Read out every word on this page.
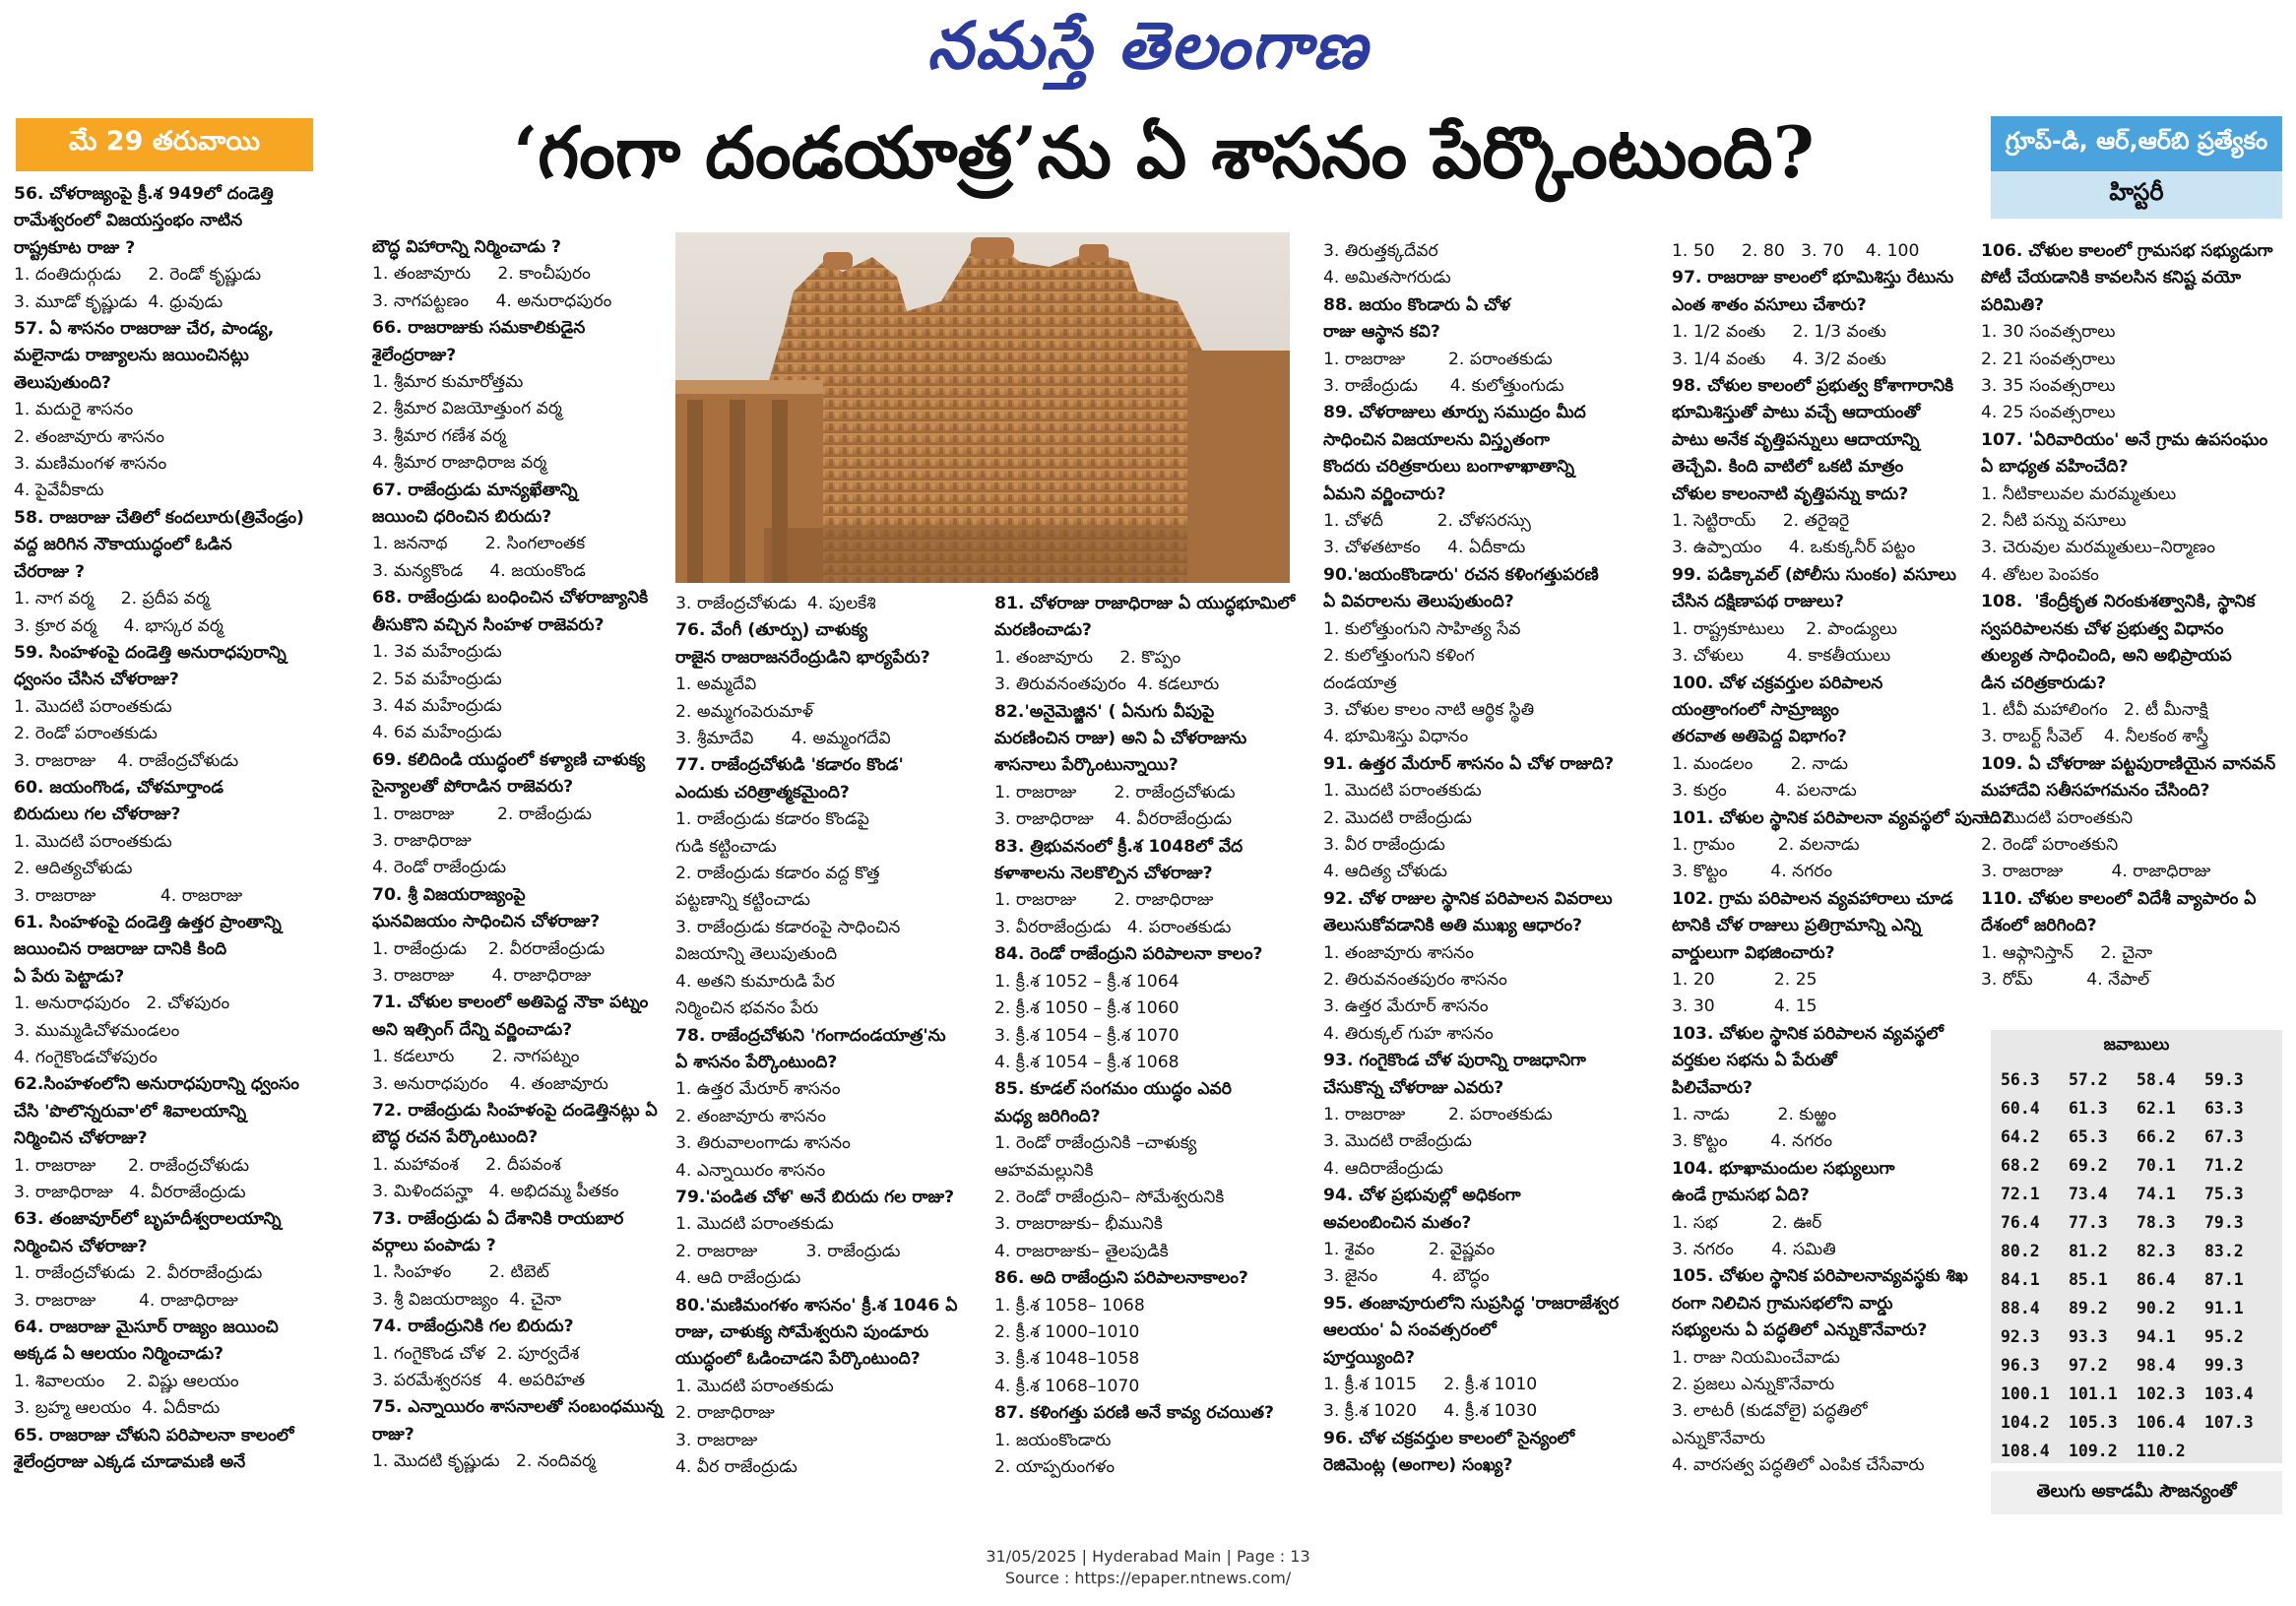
నమస్తే తెలంగాణ
మే 29 తరువాయి	‘గంగా దండయాత్ర’ను ఏ శాసనం పేర్కొంటుంది?	గ్రూప్-డి, ఆర్,ఆర్‌బి ప్రత్యేకం
హిస్టరీ

56. చోళరాజ్యంపై క్రీ.శ 949లో దండెత్తి

రామేశ్వరంలో విజయస్తంభం నాటిన

రాష్ట్రకూట రాజు ?

1. దంతిదుర్గుడు     2. రెండో కృష్ణుడు

3. మూడో కృష్ణుడు  4. ధ్రువుడు

57. ఏ శాసనం రాజరాజు చేర, పాండ్య,

మలైనాడు రాజ్యాలను జయించినట్లు

తెలుపుతుంది?

1. మదురై శాసనం

2. తంజావూరు శాసనం

3. మణిమంగళ శాసనం

4. పైవేవీకాదు

58. రాజరాజు చేతిలో కందలూరు(త్రివేండ్రం)

వద్ద జరిగిన నౌకాయుద్ధంలో ఓడిన

చేరరాజు ?

1. నాగ వర్మ     2. ప్రదీప వర్మ

3. క్రూర వర్మ     4. భాస్కర వర్మ

59. సింహళంపై దండెత్తి అనురాధపురాన్ని

ధ్వంసం చేసిన చోళరాజు?

1. మొదటి పరాంతకుడు

2. రెండో పరాంతకుడు

3. రాజరాజు    4. రాజేంద్రచోళుడు

60. జయంగొండ, చోళమార్తాండ

బిరుదులు గల చోళరాజు?

1. మొదటి పరాంతకుడు

2. ఆదిత్యచోళుడు

3. రాజరాజు            4. రాజరాజు

61. సింహళంపై దండెత్తి ఉత్తర ప్రాంతాన్ని

జయించిన రాజరాజు దానికి కింది

ఏ పేరు పెట్టాడు?

1. అనురాధపురం   2. చోళపురం

3. ముమ్మడిచోళమండలం

4. గంగైకొండచోళపురం

62.సింహళంలోని అనురాధపురాన్ని ధ్వంసం

చేసి 'పొలొన్నరువా'లో శివాలయాన్ని

నిర్మించిన చోళరాజు?

1. రాజరాజు      2. రాజేంద్రచోళుడు

3. రాజాధిరాజు   4. వీరరాజేంద్రుడు

63. తంజావూర్‌లో బృహదీశ్వరాలయాన్ని

నిర్మించిన చోళరాజు?

1. రాజేంద్రచోళుడు  2. వీరరాజేంద్రుడు

3. రాజరాజు        4. రాజాధిరాజు

64. రాజరాజు మైసూర్ రాజ్యం జయించి

అక్కడ ఏ ఆలయం నిర్మించాడు?

1. శివాలయం    2. విష్ణు ఆలయం

3. బ్రహ్మ ఆలయం  4. ఏదీకాదు

65. రాజరాజు చోళుని పరిపాలనా కాలంలో

శైలేంద్రరాజు ఎక్కడ చూడామణి అనే

బౌద్ధ విహారాన్ని నిర్మించాడు ?

1. తంజావూరు     2. కాంచీపురం

3. నాగపట్టణం     4. అనురాధపురం

66. రాజరాజుకు సమకాలికుడైన

శైలేంద్రరాజు?

1. శ్రీమార కుమారోత్తమ

2. శ్రీమార విజయోత్తుంగ వర్మ

3. శ్రీమార గణేశ వర్మ

4. శ్రీమార రాజాధిరాజ వర్మ

67. రాజేంద్రుడు మాన్యఖేతాన్ని

జయించి ధరించిన బిరుదు?

1. జననాథ       2. సింగలాంతక

3. మన్యకొండ     4. జయంకొండ

68. రాజేంద్రుడు బంధించిన చోళరాజ్యానికి

తీసుకొని వచ్చిన సింహళ రాజెవరు?

1. 3వ మహేంద్రుడు

2. 5వ మహేంద్రుడు

3. 4వ మహేంద్రుడు

4. 6వ మహేంద్రుడు

69. కలిదిండి యుద్ధంలో కళ్యాణి చాళుక్య

సైన్యాలతో పోరాడిన రాజెవరు?

1. రాజరాజు        2. రాజేంద్రుడు

3. రాజాధిరాజు

4. రెండో రాజేంద్రుడు

70. శ్రీ విజయరాజ్యంపై

ఘనవిజయం సాధించిన చోళరాజు?

1. రాజేంద్రుడు    2. వీరరాజేంద్రుడు

3. రాజరాజు       4. రాజాధిరాజు

71. చోళుల కాలంలో అతిపెద్ద నౌకా పట్నం

అని ఇత్సింగ్ దేన్ని వర్ణించాడు?

1. కడలూరు       2. నాగపట్నం

3. అనురాధపురం    4. తంజావూరు

72. రాజేంద్రుడు సింహళంపై దండెత్తినట్లు ఏ

బౌద్ధ రచన పేర్కొంటుంది?

1. మహావంశ     2. దీపవంశ

3. మిళిందపన్హా   4. అభిదమ్మ పీతకం

73. రాజేంద్రుడు ఏ దేశానికి రాయబార

వర్గాలు పంపాడు ?

1. సింహళం       2. టిబెట్

3. శ్రీ విజయరాజ్యం  4. చైనా

74. రాజేంద్రునికి గల బిరుదు?

1. గంగైకొండ చోళ  2. పూర్వదేశ

3. పరమేశ్వరసక   4. అపరిహత

75. ఎన్నాయిరం శాసనాలతో సంబంధమున్న

రాజు?

1. మొదటి కృష్ణుడు   2. నందివర్మ

3. రాజేంద్రచోళుడు  4. పులకేశి

76. వేంగీ (తూర్పు) చాళుక్య

రాజైన రాజరాజనరేంద్రుడిని భార్యపేరు?

1. అమ్మదేవి

2. అమ్మగంపెరుమాళ్

3. శ్రీమాదేవి       4. అమ్మంగదేవి

77. రాజేంద్రచోళుడి 'కడారం కొండ'

ఎందుకు చరిత్రాత్మకమైంది?

1. రాజేంద్రుడు కడారం కొండపై

గుడి కట్టించాడు

2. రాజేంద్రుడు కడారం వద్ద కొత్త

పట్టణాన్ని కట్టించాడు

3. రాజేంద్రుడు కడారంపై సాధించిన

విజయాన్ని తెలుపుతుంది

4. అతని కుమారుడి పేర

నిర్మించిన భవనం పేరు

78. రాజేంద్రచోళుని 'గంగాదండయాత్ర'ను

ఏ శాసనం పేర్కొంటుంది?

1. ఉత్తర మేరూర్ శాసనం

2. తంజావూరు శాసనం

3. తిరువాలంగాడు శాసనం

4. ఎన్నాయిరం శాసనం

79.'పండిత చోళ' అనే బిరుదు గల రాజు?

1. మొదటి పరాంతకుడు

2. రాజరాజు         3. రాజేంద్రుడు

4. ఆది రాజేంద్రుడు

80.'మణిమంగళం శాసనం' క్రీ.శ 1046 ఏ

రాజు, చాళుక్య సోమేశ్వరుని పుండూరు

యుద్ధంలో ఓడించాడని పేర్కొంటుంది?

1. మొదటి పరాంతకుడు

2. రాజాధిరాజు

3. రాజరాజు

4. వీర రాజేంద్రుడు

81. చోళరాజు రాజాధిరాజు ఏ యుద్ధభూమిలో

మరణించాడు?

1. తంజావూరు     2. కొప్పం

3. తిరువనంతపురం  4. కడలూరు

82.'అనైమెజ్జిన' ( ఏనుగు వీపుపై

మరణించిన రాజు) అని ఏ చోళరాజును

శాసనాలు పేర్కొంటున్నాయి?

1. రాజరాజు       2. రాజేంద్రచోళుడు

3. రాజాధిరాజు    4. వీరరాజేంద్రుడు

83. త్రిభువనంలో క్రీ.శ 1048లో వేద

కళాశాలను నెలకొల్పిన చోళరాజు?

1. రాజరాజు       2. రాజాధిరాజు

3. వీరరాజేంద్రుడు   4. పరాంతకుడు

84. రెండో రాజేంద్రుని పరిపాలనా కాలం?

1. క్రీ.శ 1052 – క్రీ.శ 1064

2. క్రీ.శ 1050 – క్రీ.శ 1060

3. క్రీ.శ 1054 – క్రీ.శ 1070

4. క్రీ.శ 1054 – క్రీ.శ 1068

85. కూడల్ సంగమం యుద్ధం ఎవరి

మధ్య జరిగింది?

1. రెండో రాజేంద్రునికి –చాళుక్య

ఆహవమల్లునికి

2. రెండో రాజేంద్రుని– సోమేశ్వరునికి

3. రాజరాజుకు– భీమునికి

4. రాజరాజుకు– తైలపుడికి

86. అది రాజేంద్రుని పరిపాలనాకాలం?

1. క్రీ.శ 1058– 1068

2. క్రీ.శ 1000–1010

3. క్రీ.శ 1048–1058

4. క్రీ.శ 1068–1070

87. కళింగత్తు పరణి అనే కావ్య రచయిత?

1. జయంకొండారు

2. యాప్పరుంగళం

3. తిరుత్తక్కదేవర

4. అమితసాగరుడు

88. జయం కొండారు ఏ చోళ

రాజు ఆస్థాన కవి?

1. రాజరాజు        2. పరాంతకుడు

3. రాజేంద్రుడు      4. కులోత్తుంగుడు

89. చోళరాజులు తూర్పు సముద్రం మీద

సాధించిన విజయాలను విస్తృతంగా

కొందరు చరిత్రకారులు బంగాళాఖాతాన్ని

ఏమని వర్ణించారు?

1. చోళదీ          2. చోళసరస్సు

3. చోళతటాకం     4. ఏదీకాదు

90.'జయంకొండారు' రచన కళింగత్తుపరణి

ఏ వివరాలను తెలుపుతుంది?

1. కులోత్తుంగుని సాహిత్య సేవ

2. కులోత్తుంగుని కళింగ

దండయాత్ర

3. చోళుల కాలం నాటి ఆర్థిక స్థితి

4. భూమిశిస్తు విధానం

91. ఉత్తర మేరూర్ శాసనం ఏ చోళ రాజుది?

1. మొదటి పరాంతకుడు

2. మొదటి రాజేంద్రుడు

3. వీర రాజేంద్రుడు

4. ఆదిత్య చోళుడు

92. చోళ రాజుల స్థానిక పరిపాలన వివరాలు

తెలుసుకోవడానికి అతి ముఖ్య ఆధారం?

1. తంజావూరు శాసనం

2. తిరువనంతపురం శాసనం

3. ఉత్తర మేరూర్ శాసనం

4. తిరుక్కల్ గుహ శాసనం

93. గంగైకొండ చోళ పురాన్ని రాజధానిగా

చేసుకొన్న చోళరాజు ఎవరు?

1. రాజరాజు        2. పరాంతకుడు

3. మొదటి రాజేంద్రుడు

4. ఆదిరాజేంద్రుడు

94. చోళ ప్రభువుల్లో అధికంగా

అవలంబించిన మతం?

1. శైవం          2. వైష్ణవం

3. జైనం          4. బౌద్ధం

95. తంజావూరులోని సుప్రసిద్ధ 'రాజరాజేశ్వర

ఆలయం' ఏ సంవత్సరంలో

పూర్తయ్యింది?

1. క్రీ.శ 1015     2. క్రీ.శ 1010

3. క్రీ.శ 1020     4. క్రీ.శ 1030

96. చోళ చక్రవర్తుల కాలంలో సైన్యంలో

రెజిమెంట్ల (అంగాల) సంఖ్య?

1. 50     2. 80   3. 70    4. 100

97. రాజరాజు కాలంలో భూమిశిస్తు రేటును

ఎంత శాతం వసూలు చేశారు?

1. 1/2 వంతు     2. 1/3 వంతు

3. 1/4 వంతు     4. 3/2 వంతు

98. చోళుల కాలంలో ప్రభుత్వ కోశాగారానికి

భూమిశిస్తుతో పాటు వచ్చే ఆదాయంతో

పాటు అనేక వృత్తిపన్నులు ఆదాయాన్ని

తెచ్చేవి. కింది వాటిలో ఒకటి మాత్రం

చోళుల కాలంనాటి వృత్తిపన్ను కాదు?

1. సెట్టిరాయ్     2. తరైఇరై

3. ఉప్పాయం     4. ఒకుక్కనీర్ పట్టం

99. పడిక్కావల్ (పోలీసు సుంకం) వసూలు

చేసిన దక్షిణాపథ రాజులు?

1. రాష్ట్రకూటులు    2. పాండ్యులు

3. చోళులు        4. కాకతీయులు

100. చోళ చక్రవర్తుల పరిపాలన

యంత్రాంగంలో సామ్రాజ్యం

తరవాత అతిపెద్ద విభాగం?

1. మండలం       2. నాడు

3. కుర్రం         4. పలనాడు

101. చోళుల స్థానిక పరిపాలనా వ్యవస్థలో పునాది?

1. గ్రామం        2. వలనాడు

3. కొట్టం        4. నగరం

102. గ్రామ పరిపాలన వ్యవహారాలు చూడ

టానికి చోళ రాజులు ప్రతిగ్రామాన్ని ఎన్ని

వార్డులుగా విభజించారు?

1. 20           2. 25

3. 30           4. 15

103. చోళుల స్థానిక పరిపాలన వ్యవస్థలో

వర్తకుల సభను ఏ పేరుతో

పిలిచేవారు?

1. నాడు         2. కుఱ్ఱం

3. కొట్టం        4. నగరం

104. భూఖామందుల సభ్యులుగా

ఉండే గ్రామసభ ఏది?

1. సభ          2. ఊర్

3. నగరం       4. సమితి

105. చోళుల స్థానిక పరిపాలనావ్యవస్థకు శిఖ

రంగా నిలిచిన గ్రామసభలోని వార్డు

సభ్యులను ఏ పద్ధతిలో ఎన్నుకొనేవారు?

1. రాజు నియమించేవాడు

2. ప్రజలు ఎన్నుకొనేవారు

3. లాటరీ (కుడవోలై) పద్ధతిలో

ఎన్నుకొనేవారు

4. వారసత్వ పద్ధతిలో ఎంపిక చేసేవారు

106. చోళుల కాలంలో గ్రామసభ సభ్యుడుగా

పోటీ చేయడానికి కావలసిన కనిష్ట వయో

పరిమితి?

1. 30 సంవత్సరాలు

2. 21 సంవత్సరాలు

3. 35 సంవత్సరాలు

4. 25 సంవత్సరాలు

107. 'ఏరివారియం' అనే గ్రామ ఉపసంఘం

ఏ బాధ్యత వహించేది?

1. నీటికాలువల మరమ్మతులు

2. నీటి పన్ను వసూలు

3. చెరువుల మరమ్మతులు–నిర్మాణం

4. తోటల పెంపకం

108.  'కేంద్రీకృత నిరంకుశత్వానికి, స్థానిక

స్వపరిపాలనకు చోళ ప్రభుత్వ విధానం

తుల్యత సాధించింది, అని అభిప్రాయప

డిన చరిత్రకారుడు?

1. టీవీ మహాలింగం   2. టీ మీనాక్షి

3. రాబర్ట్ సీవెల్    4. నీలకంఠ శాస్త్రీ

109. ఏ చోళరాజు పట్టపురాణియైన వానవన్

మహాదేవి సతీసహగమనం చేసింది?

1. మొదటి పరాంతకుని

2. రెండో పరాంతకుని

3. రాజరాజు         4. రాజాధిరాజు

110. చోళుల కాలంలో విదేశీ వ్యాపారం ఏ

దేశంలో జరిగింది?

1. ఆఫ్గానిస్తాన్     2. చైనా

3. రోమ్          4. నేపాల్

జవాబులు
56.3	57.2	58.4	59.3
60.4	61.3	62.1	63.3
64.2	65.3	66.2	67.3
68.2	69.2	70.1	71.2
72.1	73.4	74.1	75.3
76.4	77.3	78.3	79.3
80.2	81.2	82.3	83.2
84.1	85.1	86.4	87.1
88.4	89.2	90.2	91.1
92.3	93.3	94.1	95.2
96.3	97.2	98.4	99.3
100.1	101.1	102.3	103.4
104.2	105.3	106.4	107.3
108.4	109.2	110.2
తెలుగు అకాడమీ సౌజన్యంతో
31/05/2025 | Hyderabad Main | Page : 13
Source : https://epaper.ntnews.com/
